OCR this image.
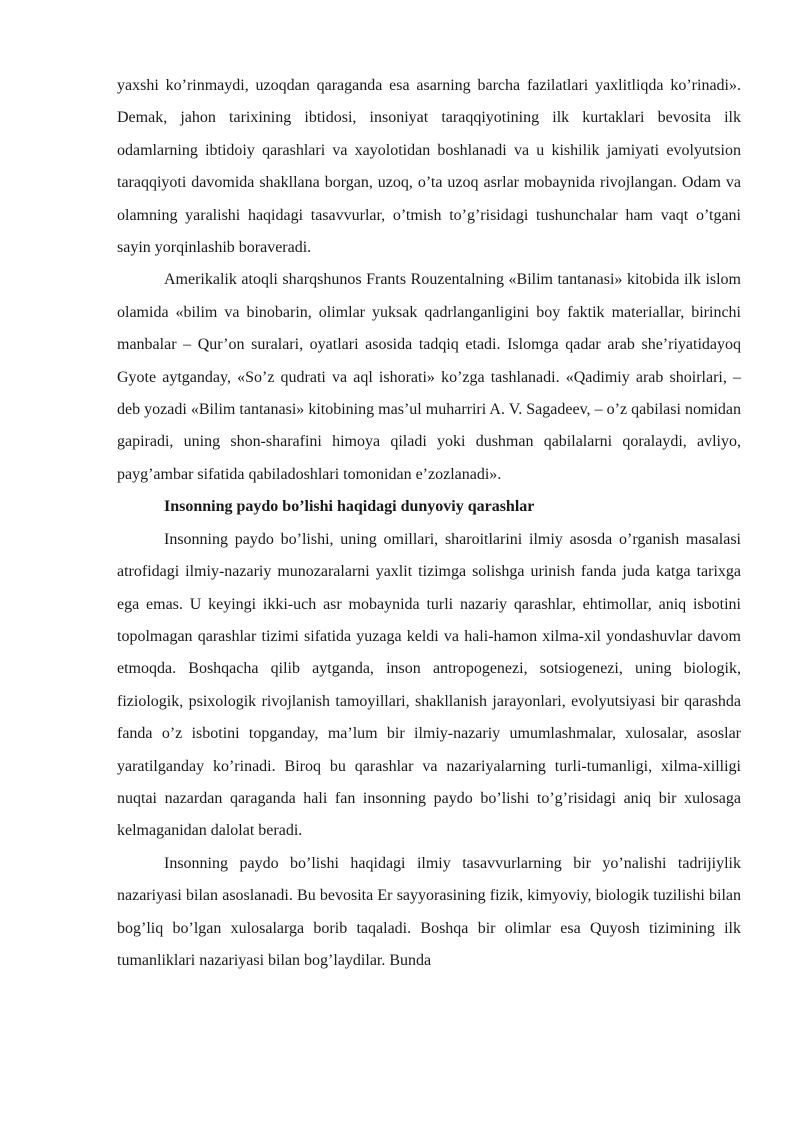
yaxshi ko’rinmaydi, uzoqdan qaraganda esa asarning barcha fazilatlari yaxlitliqda ko’rinadi». Demak, jahon tarixining ibtidosi, insoniyat taraqqiyotining ilk kurtaklari bevosita ilk odamlarning ibtidoiy qarashlari va xayolotidan boshlanadi va u kishilik jamiyati evolyutsion taraqqiyoti davomida shakllana borgan, uzoq, o’ta uzoq asrlar mobaynida rivojlangan. Odam va olamning yaralishi haqidagi tasavvurlar, o’tmish to’g’risidagi tushunchalar ham vaqt o’tgani sayin yorqinlashib boraveradi.

Amerikalik atoqli sharqshunos Frants Rouzentalning «Bilim tantanasi» kitobida ilk islom olamida «bilim va binobarin, olimlar yuksak qadrlanganligini boy faktik materiallar, birinchi manbalar – Qur’on suralari, oyatlari asosida tadqiq etadi. Islomga qadar arab she’riyatidayoq Gyote aytganday, «So’z qudrati va aql ishorati» ko’zga tashlanadi. «Qadimiy arab shoirlari, – deb yozadi «Bilim tantanasi» kitobining mas’ul muharriri A. V. Sagadeev, – o’z qabilasi nomidan gapiradi, uning shon-sharafini himoya qiladi yoki dushman qabilalarni qoralaydi, avliyo, payg’ambar sifatida qabiladoshlari tomonidan e’zozlanadi».

Insonning paydo bo’lishi haqidagi dunyoviy qarashlar

Insonning paydo bo’lishi, uning omillari, sharoitlarini ilmiy asosda o’rganish masalasi atrofidagi ilmiy-nazariy munozaralarni yaxlit tizimga solishga urinish fanda juda katga tarixga ega emas. U keyingi ikki-uch asr mobaynida turli nazariy qarashlar, ehtimollar, aniq isbotini topolmagan qarashlar tizimi sifatida yuzaga keldi va hali-hamon xilma-xil yondashuvlar davom etmoqda. Boshqacha qilib aytganda, inson antropogenezi, sotsiogenezi, uning biologik, fiziologik, psixologik rivojlanish tamoyillari, shakllanish jarayonlari, evolyutsiyasi bir qarashda fanda o’z isbotini topganday, ma’lum bir ilmiy-nazariy umumlashmalar, xulosalar, asoslar yaratilganday ko’rinadi. Biroq bu qarashlar va nazariyalarning turli-tumanligi, xilma-xilligi nuqtai nazardan qaraganda hali fan insonning paydo bo’lishi to’g’risidagi aniq bir xulosaga kelmaganidan dalolat beradi.

Insonning paydo bo’lishi haqidagi ilmiy tasavvurlarning bir yo’nalishi tadrijiylik nazariyasi bilan asoslanadi. Bu bevosita Er sayyorasining fizik, kimyoviy, biologik tuzilishi bilan bog’liq bo’lgan xulosalarga borib taqaladi. Boshqa bir olimlar esa Quyosh tizimining ilk tumanliklari nazariyasi bilan bog’laydilar. Bunda
